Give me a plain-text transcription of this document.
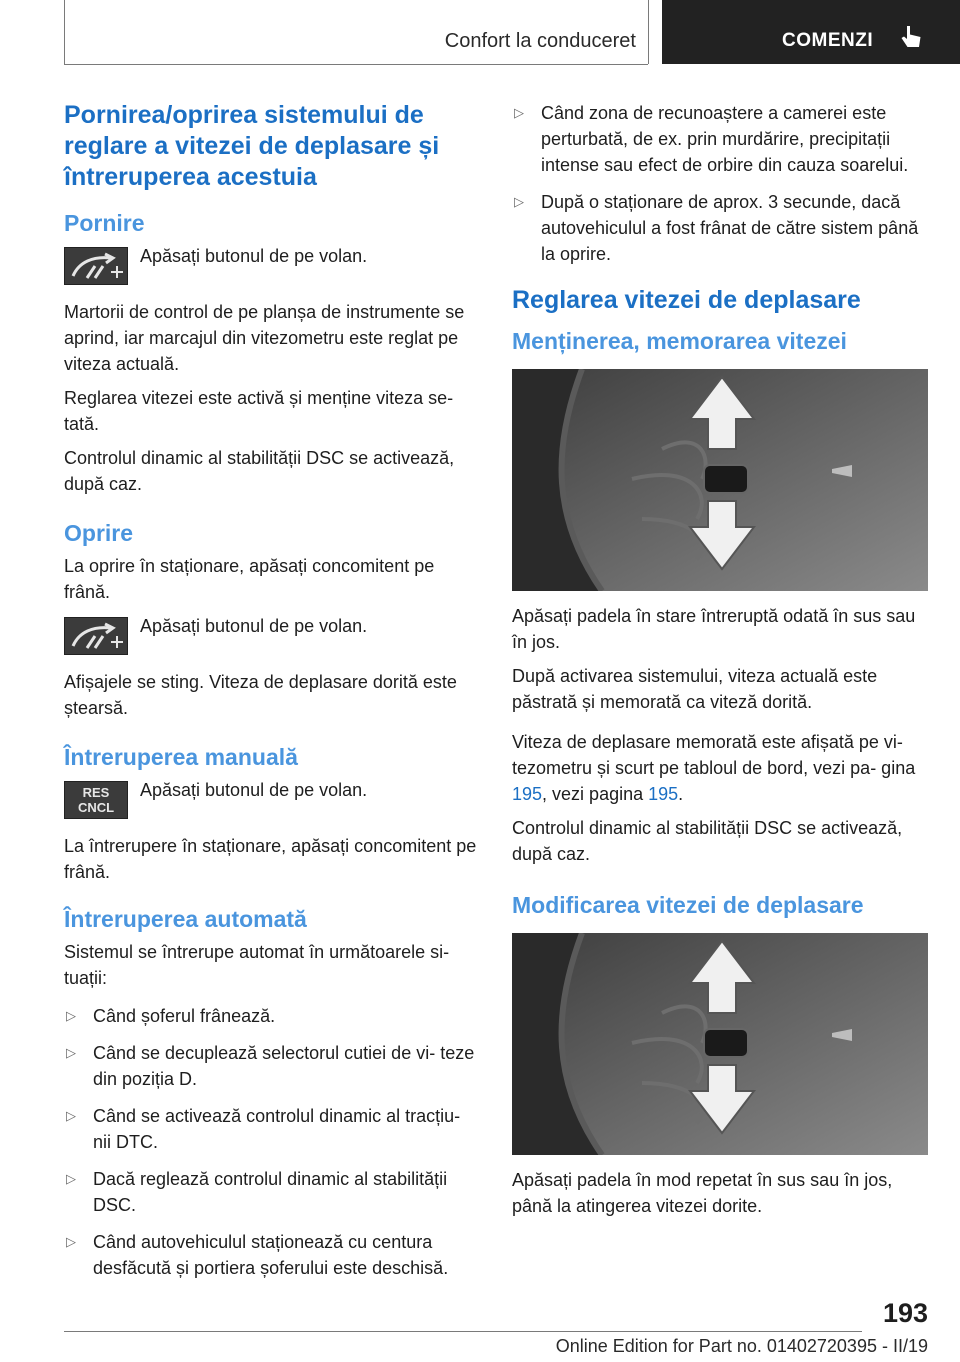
Confort la conduceret	COMENZI
Pornirea/oprirea sistemului de reglare a vitezei de deplasare și întreruperea acestuia
Pornire

Apăsați butonul de pe volan.

Martorii de control de pe planșa de instrumente se aprind, iar marcajul din vitezometru este reglat pe viteza actuală.

Reglarea vitezei este activă și menține viteza se- tată.

Controlul dinamic al stabilității DSC se activează, după caz.

Oprire

La oprire în staționare, apăsați concomitent pe frână.

Apăsați butonul de pe volan.

Afișajele se sting. Viteza de deplasare dorită este ștearsă.

Întreruperea manuală
RES
CNCL

Apăsați butonul de pe volan.

La întrerupere în staționare, apăsați concomitent pe frână.

Întreruperea automată

Sistemul se întrerupe automat în următoarele si- tuații:

▷ Când șoferul frânează.
▷ Când se decuplează selectorul cutiei de vi- teze din poziția D.
▷ Când se activează controlul dinamic al tracțiu- nii DTC.
▷ Dacă reglează controlul dinamic al stabilității DSC.
▷ Când autovehiculul staționează cu centura desfăcută și portiera șoferului este deschisă.
▷ Când zona de recunoaștere a camerei este perturbată, de ex. prin murdărire, precipitații intense sau efect de orbire din cauza soarelui.
▷ După o staționare de aprox. 3 secunde, dacă autovehiculul a fost frânat de către sistem până la oprire.
Reglarea vitezei de deplasare
Menținerea, memorarea vitezei

Apăsați padela în stare întreruptă odată în sus sau în jos.

După activarea sistemului, viteza actuală este păstrată și memorată ca viteză dorită.

Viteza de deplasare memorată este afișată pe vi- tezometru și scurt pe tabloul de bord, vezi pa- gina 195, vezi pagina 195.

Controlul dinamic al stabilității DSC se activează, după caz.

Modificarea vitezei de deplasare

Apăsați padela în mod repetat în sus sau în jos, până la atingerea vitezei dorite.

193
Online Edition for Part no. 01402720395 - II/19
